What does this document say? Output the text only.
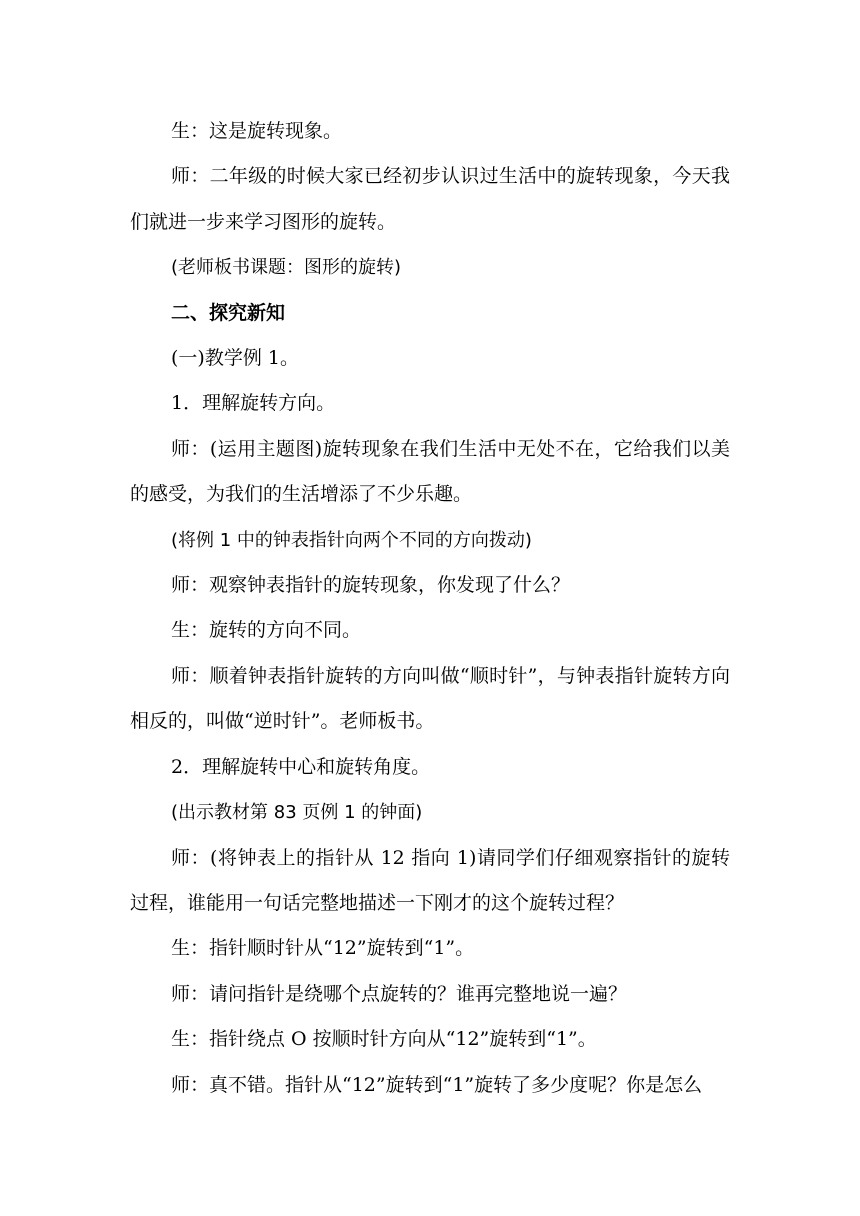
生：这是旋转现象。

师：二年级的时候大家已经初步认识过生活中的旋转现象，今天我们就进一步来学习图形的旋转。

(老师板书课题：图形的旋转)

二、探究新知

(一)教学例 1。

1．理解旋转方向。

师：(运用主题图)旋转现象在我们生活中无处不在，它给我们以美的感受，为我们的生活增添了不少乐趣。

(将例 1 中的钟表指针向两个不同的方向拨动)

师：观察钟表指针的旋转现象，你发现了什么？

生：旋转的方向不同。

师：顺着钟表指针旋转的方向叫做“顺时针”，与钟表指针旋转方向相反的，叫做“逆时针”。老师板书。

2．理解旋转中心和旋转角度。

(出示教材第 83 页例 1 的钟面)

师：(将钟表上的指针从 12 指向 1)请同学们仔细观察指针的旋转过程，谁能用一句话完整地描述一下刚才的这个旋转过程？

生：指针顺时针从“12”旋转到“1”。

师：请问指针是绕哪个点旋转的？谁再完整地说一遍？

生：指针绕点 O 按顺时针方向从“12”旋转到“1”。

师：真不错。指针从“12”旋转到“1”旋转了多少度呢？你是怎么
